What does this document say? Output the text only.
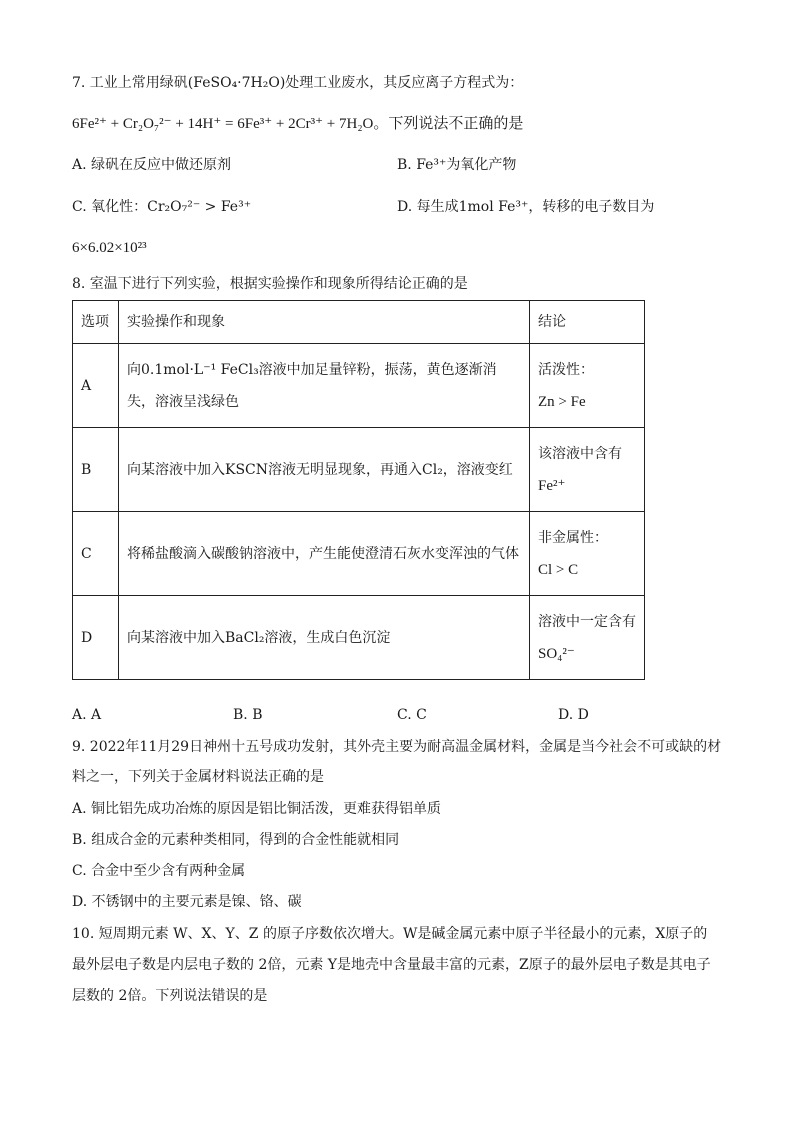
7. 工业上常用绿矾(FeSO₄·7H₂O)处理工业废水，其反应离子方程式为：
6Fe²⁺ + Cr₂O₇²⁻ + 14H⁺ = 6Fe³⁺ + 2Cr³⁺ + 7H₂O。下列说法不正确的是
A. 绿矾在反应中做还原剂	B. Fe³⁺为氧化产物
C. 氧化性：Cr₂O₇²⁻ > Fe³⁺	D. 每生成1mol Fe³⁺，转移的电子数目为
6×6.02×10²³
8. 室温下进行下列实验，根据实验操作和现象所得结论正确的是
选项	实验操作和现象	结论
A	向0.1mol·L⁻¹ FeCl₃溶液中加足量锌粉，振荡，黄色逐渐消失，溶液呈浅绿色	活泼性：
Zn > Fe

B	向某溶液中加入KSCN溶液无明显现象，再通入Cl₂，溶液变红	该溶液中含有
Fe²⁺

C	将稀盐酸滴入碳酸钠溶液中，产生能使澄清石灰水变浑浊的气体	非金属性：
Cl > C

D	向某溶液中加入BaCl₂溶液，生成白色沉淀	溶液中一定含有
SO₄²⁻
A. A	B. B	C. C	D. D
9. 2022年11月29日神州十五号成功发射，其外壳主要为耐高温金属材料，金属是当今社会不可或缺的材
料之一，下列关于金属材料说法正确的是
A. 铜比铝先成功冶炼的原因是铝比铜活泼，更难获得铝单质
B. 组成合金的元素种类相同，得到的合金性能就相同
C. 合金中至少含有两种金属
D. 不锈钢中的主要元素是镍、铬、碳
10. 短周期元素 W、X、Y、Z 的原子序数依次增大。W是碱金属元素中原子半径最小的元素，X原子的
最外层电子数是内层电子数的 2倍，元素 Y是地壳中含量最丰富的元素，Z原子的最外层电子数是其电子
层数的 2倍。下列说法错误的是
